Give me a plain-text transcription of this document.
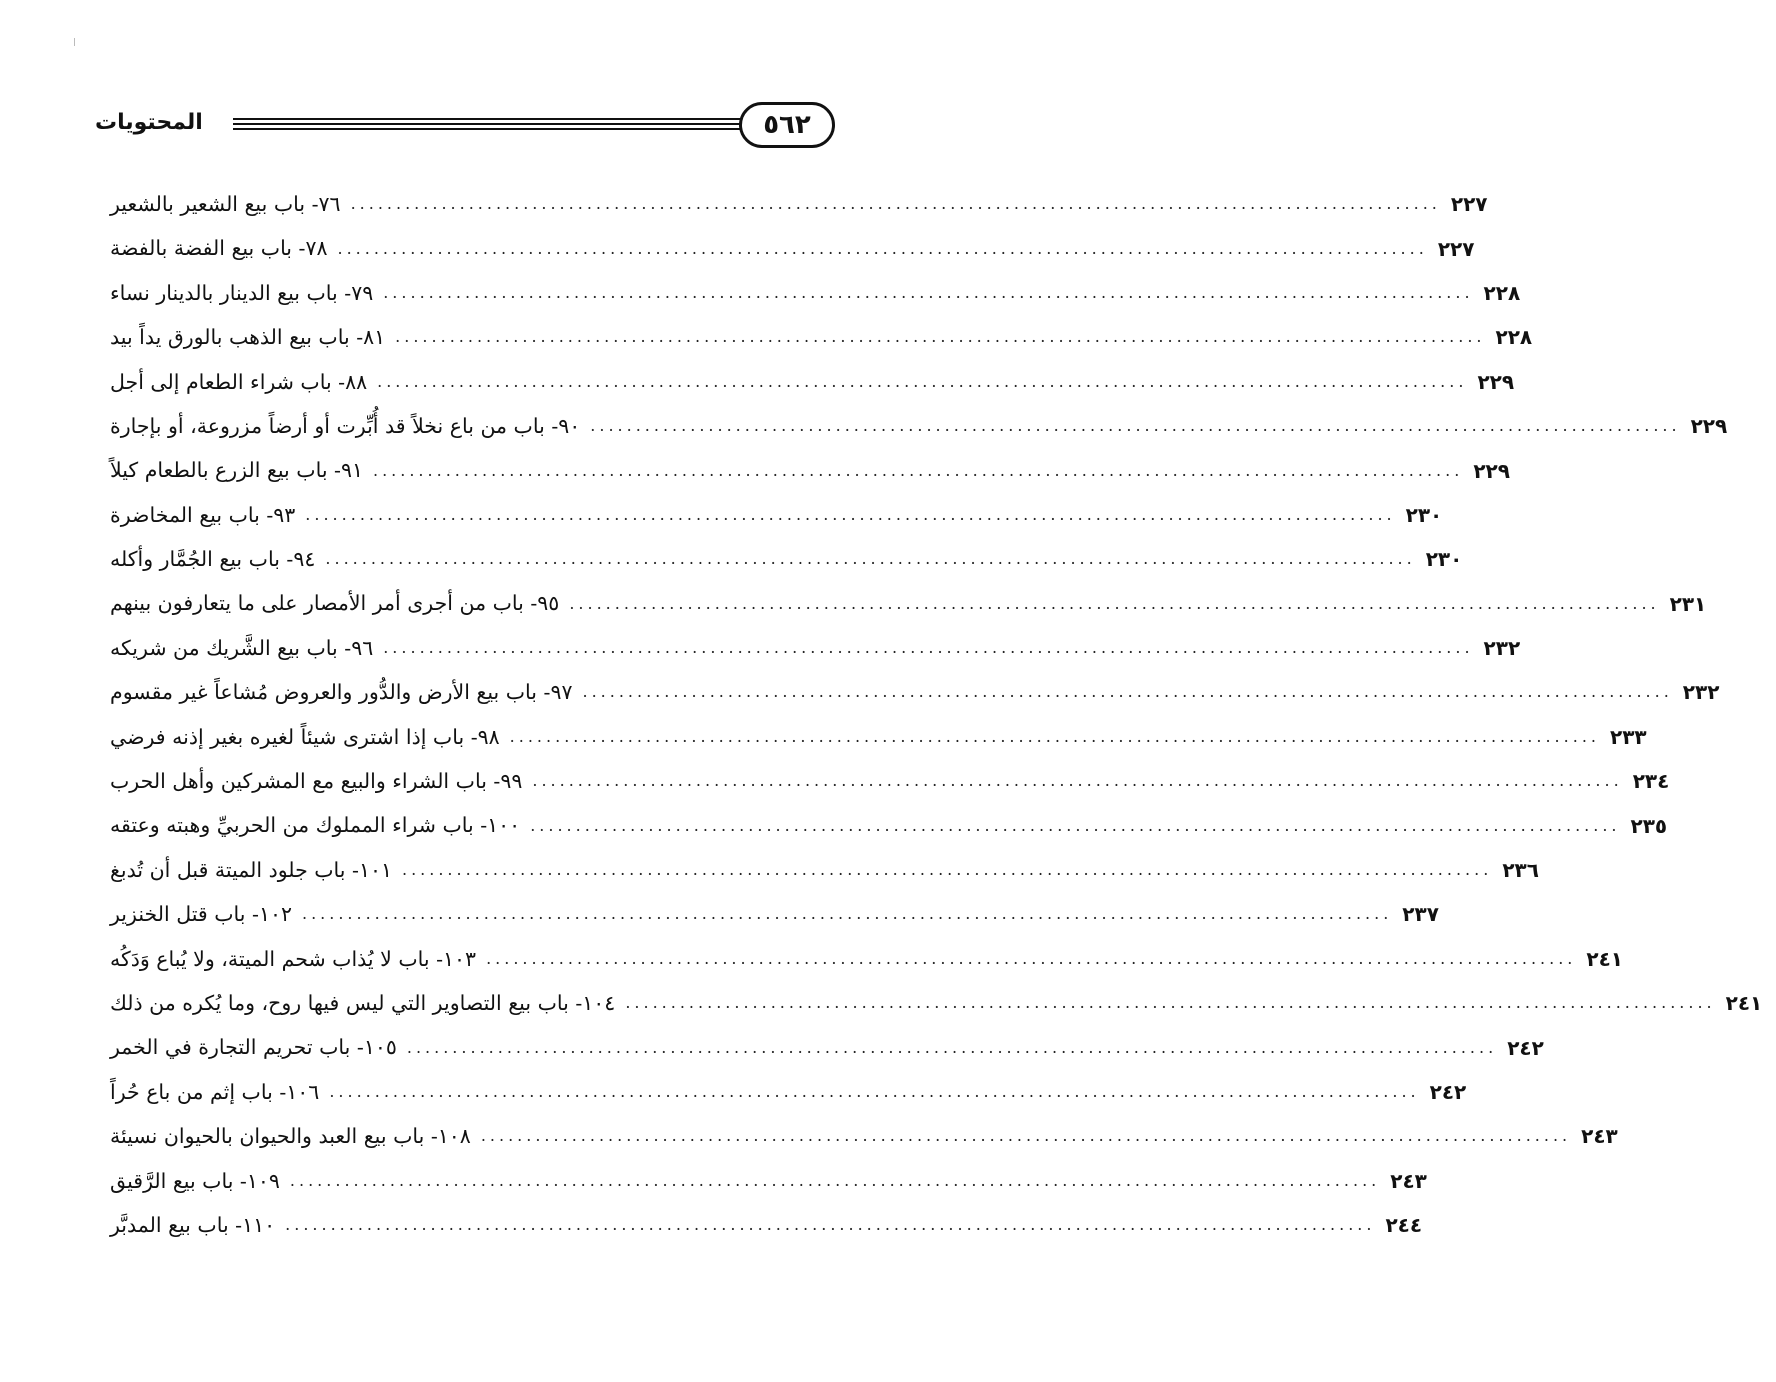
المحتويات	٥٦٢
٧٦- باب بيع الشعير بالشعير ........................................................................................................................ ٢٢٧
٧٨- باب بيع الفضة بالفضة ........................................................................................................................ ٢٢٧
٧٩- باب بيع الدينار بالدينار نساء ........................................................................................................................ ٢٢٨
٨١- باب بيع الذهب بالورق يداً بيد ........................................................................................................................ ٢٢٨
٨٨- باب شراء الطعام إلى أجل ........................................................................................................................ ٢٢٩
٩٠- باب من باع نخلاً قد أُبِّرت أو أرضاً مزروعة، أو بإجارة ........................................................................................................................ ٢٢٩
٩١- باب بيع الزرع بالطعام كيلاً ........................................................................................................................ ٢٢٩
٩٣- باب بيع المخاضرة ........................................................................................................................ ٢٣٠
٩٤- باب بيع الجُمَّار وأكله ........................................................................................................................ ٢٣٠
٩٥- باب من أجرى أمر الأمصار على ما يتعارفون بينهم ........................................................................................................................ ٢٣١
٩٦- باب بيع الشَّريك من شريكه ........................................................................................................................ ٢٣٢
٩٧- باب بيع الأرض والدُّور والعروض مُشاعاً غير مقسوم ........................................................................................................................ ٢٣٢
٩٨- باب إذا اشترى شيئاً لغيره بغير إذنه فرضي ........................................................................................................................ ٢٣٣
٩٩- باب الشراء والبيع مع المشركين وأهل الحرب ........................................................................................................................ ٢٣٤
١٠٠- باب شراء المملوك من الحربيِّ وهبته وعتقه ........................................................................................................................ ٢٣٥
١٠١- باب جلود الميتة قبل أن تُدبغ ........................................................................................................................ ٢٣٦
١٠٢- باب قتل الخنزير ........................................................................................................................ ٢٣٧
١٠٣- باب لا يُذاب شحم الميتة، ولا يُباع وَدَكُه ........................................................................................................................ ٢٤١
١٠٤- باب بيع التصاوير التي ليس فيها روح، وما يُكره من ذلك ........................................................................................................................ ٢٤١
١٠٥- باب تحريم التجارة في الخمر ........................................................................................................................ ٢٤٢
١٠٦- باب إثم من باع حُراً ........................................................................................................................ ٢٤٢
١٠٨- باب بيع العبد والحيوان بالحيوان نسيئة ........................................................................................................................ ٢٤٣
١٠٩- باب بيع الرَّقيق ........................................................................................................................ ٢٤٣
١١٠- باب بيع المدبَّر ........................................................................................................................ ٢٤٤
